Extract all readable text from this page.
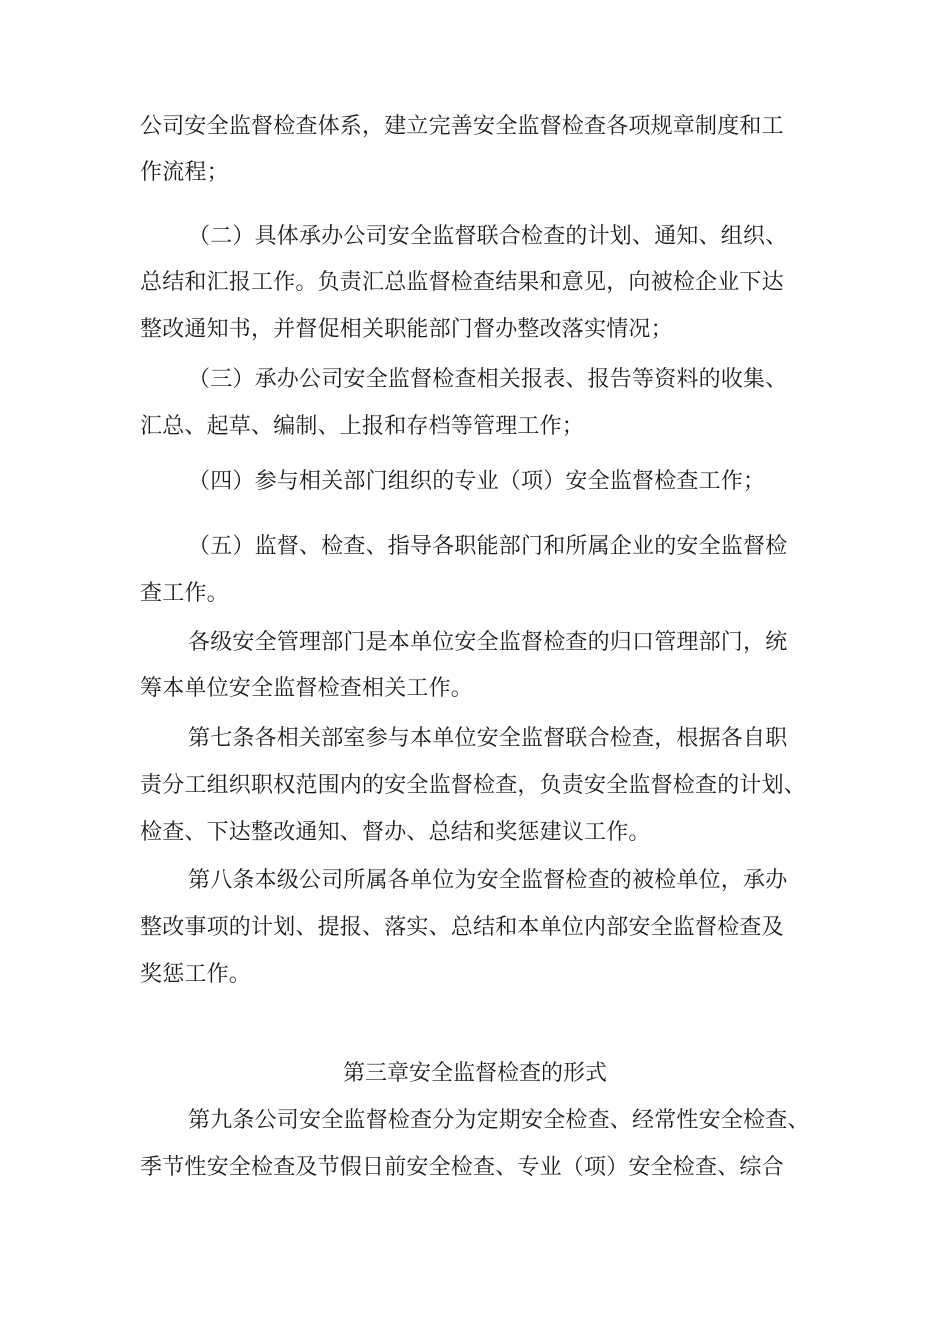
公司安全监督检查体系，建立完善安全监督检查各项规章制度和工
作流程；
（二）具体承办公司安全监督联合检查的计划、通知、组织、
总结和汇报工作。负责汇总监督检查结果和意见，向被检企业下达
整改通知书，并督促相关职能部门督办整改落实情况；
（三）承办公司安全监督检查相关报表、报告等资料的收集、
汇总、起草、编制、上报和存档等管理工作；
（四）参与相关部门组织的专业（项）安全监督检查工作；
（五）监督、检查、指导各职能部门和所属企业的安全监督检
查工作。
各级安全管理部门是本单位安全监督检查的归口管理部门，统
筹本单位安全监督检查相关工作。
第七条各相关部室参与本单位安全监督联合检查，根据各自职
责分工组织职权范围内的安全监督检查，负责安全监督检查的计划、
检查、下达整改通知、督办、总结和奖惩建议工作。
第八条本级公司所属各单位为安全监督检查的被检单位，承办
整改事项的计划、提报、落实、总结和本单位内部安全监督检查及
奖惩工作。
第三章安全监督检查的形式
第九条公司安全监督检查分为定期安全检查、经常性安全检查、
季节性安全检查及节假日前安全检查、专业（项）安全检查、综合
